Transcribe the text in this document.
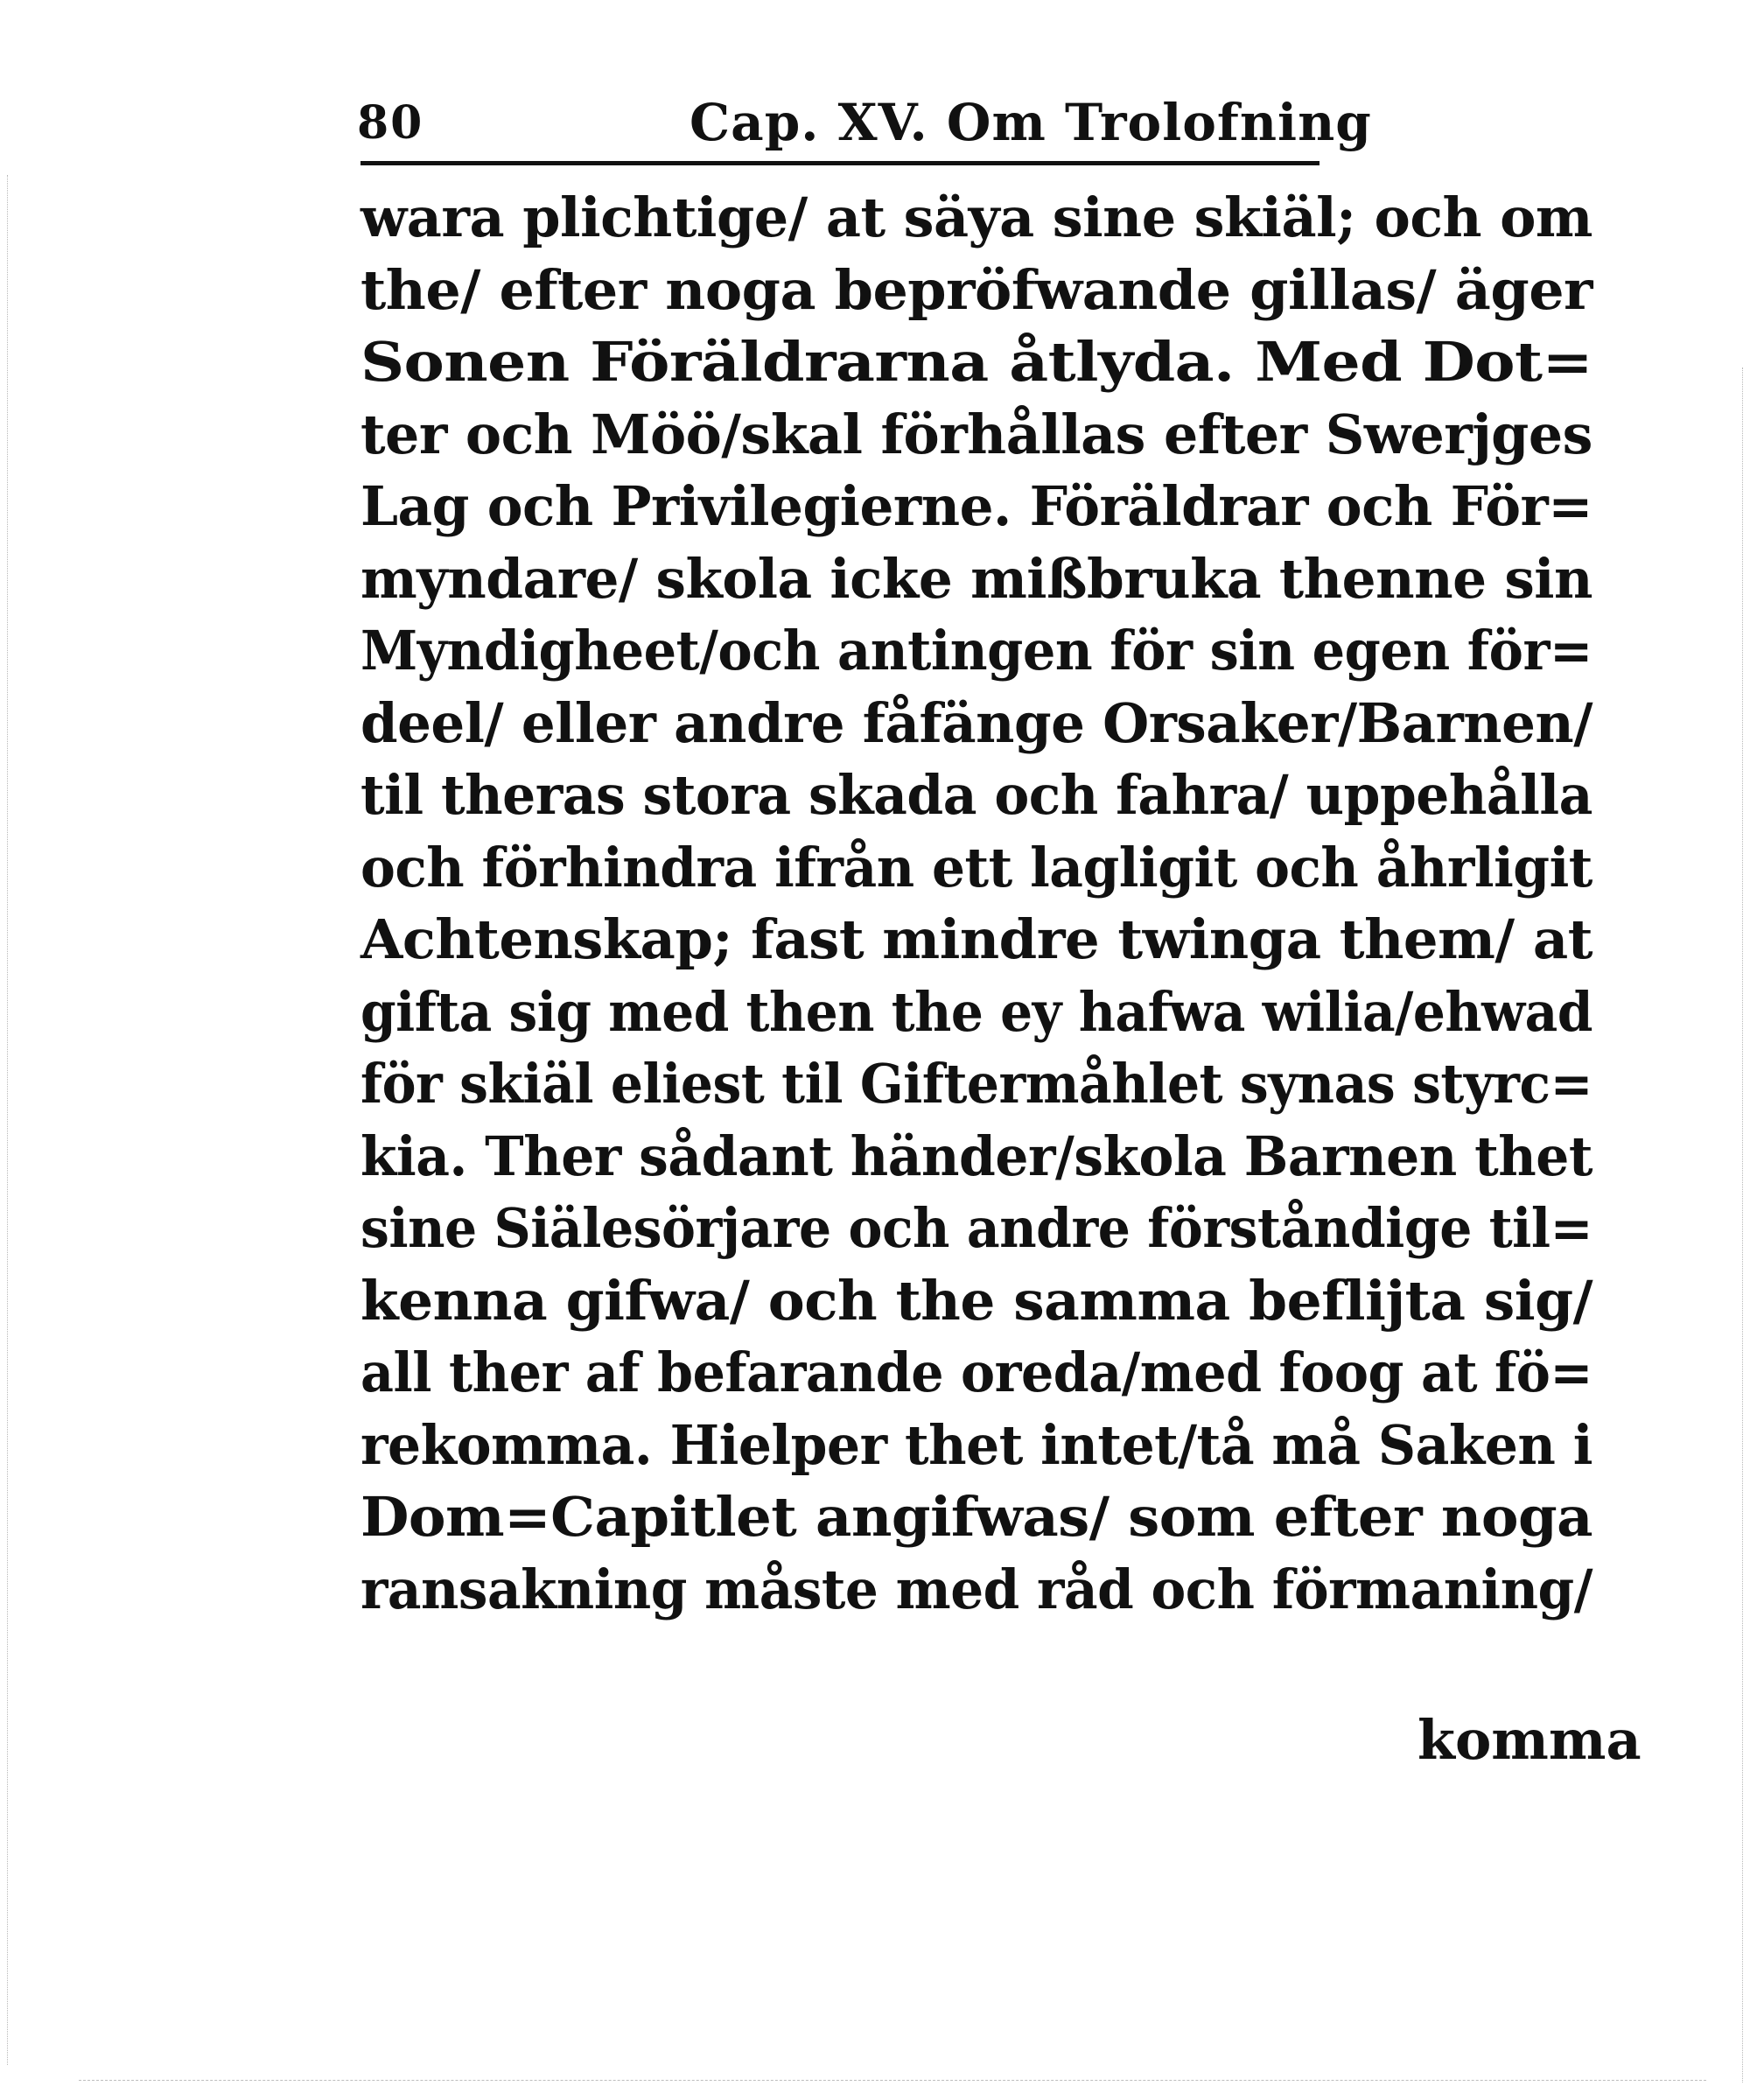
80	Cap. XV. Om Trolofning
wara plichtige/ at säya sine skiäl; och om
the/ efter noga bepröfwande gillas/ äger
Sonen Föräldrarna åtlyda. Med Dot=
ter och Möö/skal förhållas efter Swerjges
Lag och Privilegierne. Föräldrar och För=
myndare/ skola icke mißbruka thenne sin
Myndigheet/och antingen för sin egen för=
deel/ eller andre fåfänge Orsaker/Barnen/
til theras stora skada och fahra/ uppehålla
och förhindra ifrån ett lagligit och åhrligit
Achtenskap; fast mindre twinga them/ at
gifta sig med then the ey hafwa wilia/ehwad
för skiäl eliest til Giftermåhlet synas styrc=
kia. Ther sådant händer/skola Barnen thet
sine Siälesörjare och andre förståndige til=
kenna gifwa/ och the samma beflijta sig/
all ther af befarande oreda/med foog at fö=
rekomma. Hielper thet intet/tå må Saken i
Dom=Capitlet angifwas/ som efter noga
ransakning måste med råd och förmaning/
komma
